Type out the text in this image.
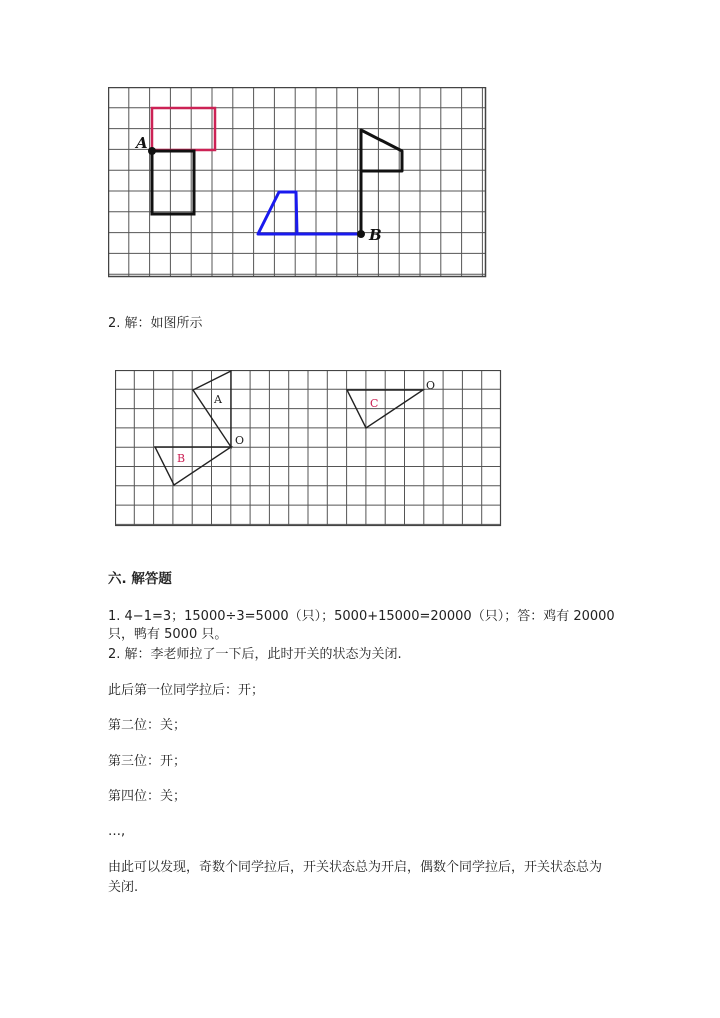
A
B
2. 解：如图所示
A
B
C
O
O
六. 解答题
1. 4−1=3；15000÷3=5000（只）；5000+15000=20000（只）；答：鸡有 20000
只，鸭有 5000 只。
2. 解：李老师拉了一下后，此时开关的状态为关闭.
此后第一位同学拉后：开；
第二位：关；
第三位：开；
第四位：关；
…,
由此可以发现，奇数个同学拉后，开关状态总为开启，偶数个同学拉后，开关状态总为关闭.
